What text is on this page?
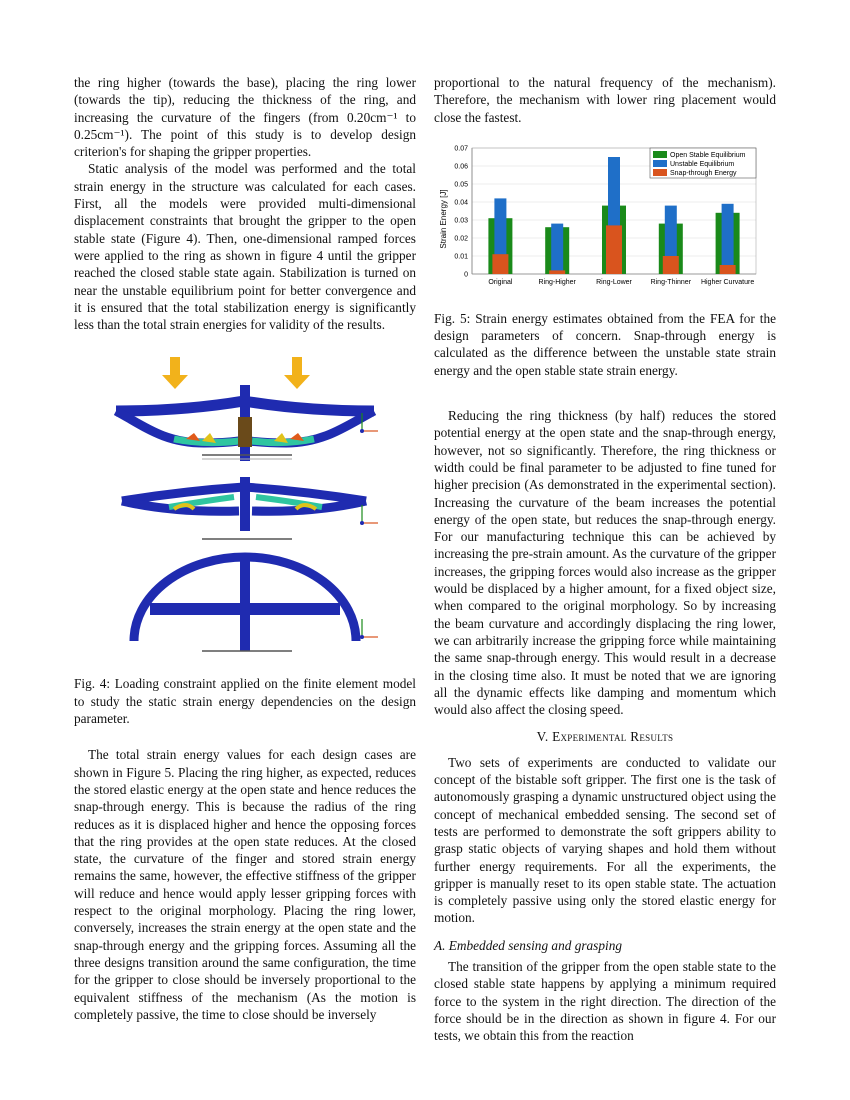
the ring higher (towards the base), placing the ring lower (towards the tip), reducing the thickness of the ring, and increasing the curvature of the fingers (from 0.20cm⁻¹ to 0.25cm⁻¹). The point of this study is to develop design criterion's for shaping the gripper properties.

Static analysis of the model was performed and the total strain energy in the structure was calculated for each cases. First, all the models were provided multi-dimensional displacement constraints that brought the gripper to the open stable state (Figure 4). Then, one-dimensional ramped forces were applied to the ring as shown in figure 4 until the gripper reached the closed stable state again. Stabilization is turned on near the unstable equilibrium point for better convergence and it is ensured that the total stabilization energy is significantly less than the total strain energies for validity of the results.

Fig. 4: Loading constraint applied on the finite element model to study the static strain energy dependencies on the design parameter.

The total strain energy values for each design cases are shown in Figure 5. Placing the ring higher, as expected, reduces the stored elastic energy at the open state and hence reduces the snap-through energy. This is because the radius of the ring reduces as it is displaced higher and hence the opposing forces that the ring provides at the open state reduces. At the closed state, the curvature of the finger and stored strain energy remains the same, however, the effective stiffness of the gripper will reduce and hence would apply lesser gripping forces with respect to the original morphology. Placing the ring lower, conversely, increases the strain energy at the open state and the snap-through energy and the gripping forces. Assuming all the three designs transition around the same configuration, the time for the gripper to close should be inversely proportional to the equivalent stiffness of the mechanism (As the motion is completely passive, the time to close should be inversely

proportional to the natural frequency of the mechanism). Therefore, the mechanism with lower ring placement would close the fastest.

Strain Energy [J]
0
0.01
0.02
0.03
0.04
0.05
0.06
0.07
Original	Ring-Higher	Ring-Lower	Ring-Thinner Higher Curvature
Open Stable Equilibrium
Unstable Equilibrium
Snap-through Energy

Fig. 5: Strain energy estimates obtained from the FEA for the design parameters of concern. Snap-through energy is calculated as the difference between the unstable state strain energy and the open stable state strain energy.

Reducing the ring thickness (by half) reduces the stored potential energy at the open state and the snap-through energy, however, not so significantly. Therefore, the ring thickness or width could be final parameter to be adjusted to fine tuned for higher precision (As demonstrated in the experimental section). Increasing the curvature of the beam increases the potential energy of the open state, but reduces the snap-through energy. For our manufacturing technique this can be achieved by increasing the pre-strain amount. As the curvature of the gripper increases, the gripping forces would also increase as the gripper would be displaced by a higher amount, for a fixed object size, when compared to the original morphology. So by increasing the beam curvature and accordingly displacing the ring lower, we can arbitrarily increase the gripping force while maintaining the same snap-through energy. This would result in a decrease in the closing time also. It must be noted that we are ignoring all the dynamic effects like damping and momentum which would also affect the closing speed.

V. Experimental Results

Two sets of experiments are conducted to validate our concept of the bistable soft gripper. The first one is the task of autonomously grasping a dynamic unstructured object using the concept of mechanical embedded sensing. The second set of tests are performed to demonstrate the soft grippers ability to grasp static objects of varying shapes and hold them without further energy requirements. For all the experiments, the gripper is manually reset to its open stable state. The actuation is completely passive using only the stored elastic energy for motion.

A. Embedded sensing and grasping

The transition of the gripper from the open stable state to the closed stable state happens by applying a minimum required force to the system in the right direction. The direction of the force should be in the direction as shown in figure 4. For our tests, we obtain this from the reaction
